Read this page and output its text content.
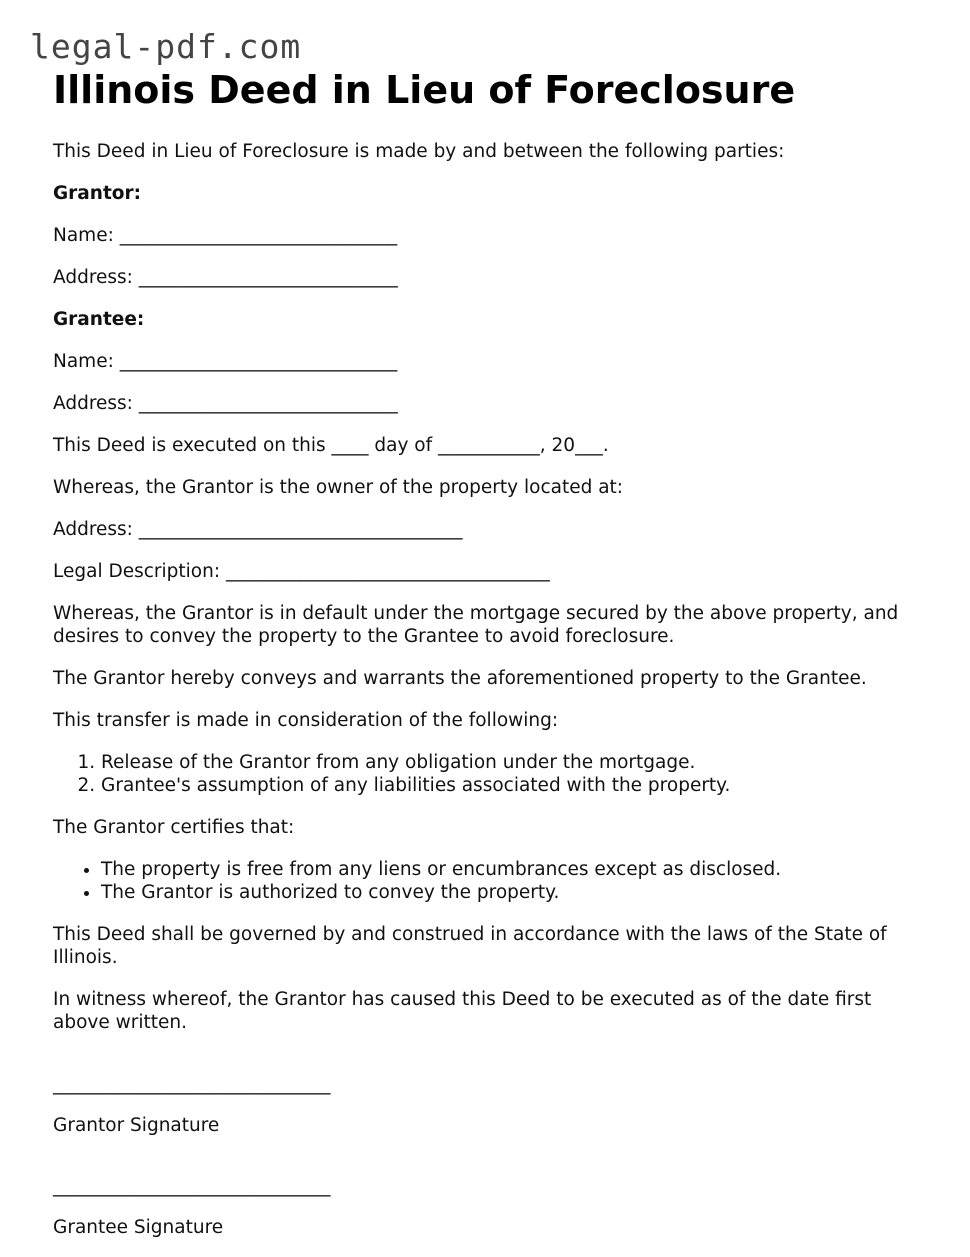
legal-pdf.com
Illinois Deed in Lieu of Foreclosure

This Deed in Lieu of Foreclosure is made by and between the following parties:

Grantor:

Name: ______________________________

Address: ____________________________

Grantee:

Name: ______________________________

Address: ____________________________

This Deed is executed on this ____ day of ___________, 20___.

Whereas, the Grantor is the owner of the property located at:

Address: ___________________________________

Legal Description: ___________________________________

Whereas, the Grantor is in default under the mortgage secured by the above property, and desires to convey the property to the Grantee to avoid foreclosure.

The Grantor hereby conveys and warrants the aforementioned property to the Grantee.

This transfer is made in consideration of the following:

1. Release of the Grantor from any obligation under the mortgage.
2. Grantee's assumption of any liabilities associated with the property.

The Grantor certifies that:

• The property is free from any liens or encumbrances except as disclosed.
• The Grantor is authorized to convey the property.

This Deed shall be governed by and construed in accordance with the laws of the State of Illinois.

In witness whereof, the Grantor has caused this Deed to be executed as of the date first above written.

______________________________
Grantor Signature
______________________________
Grantee Signature
